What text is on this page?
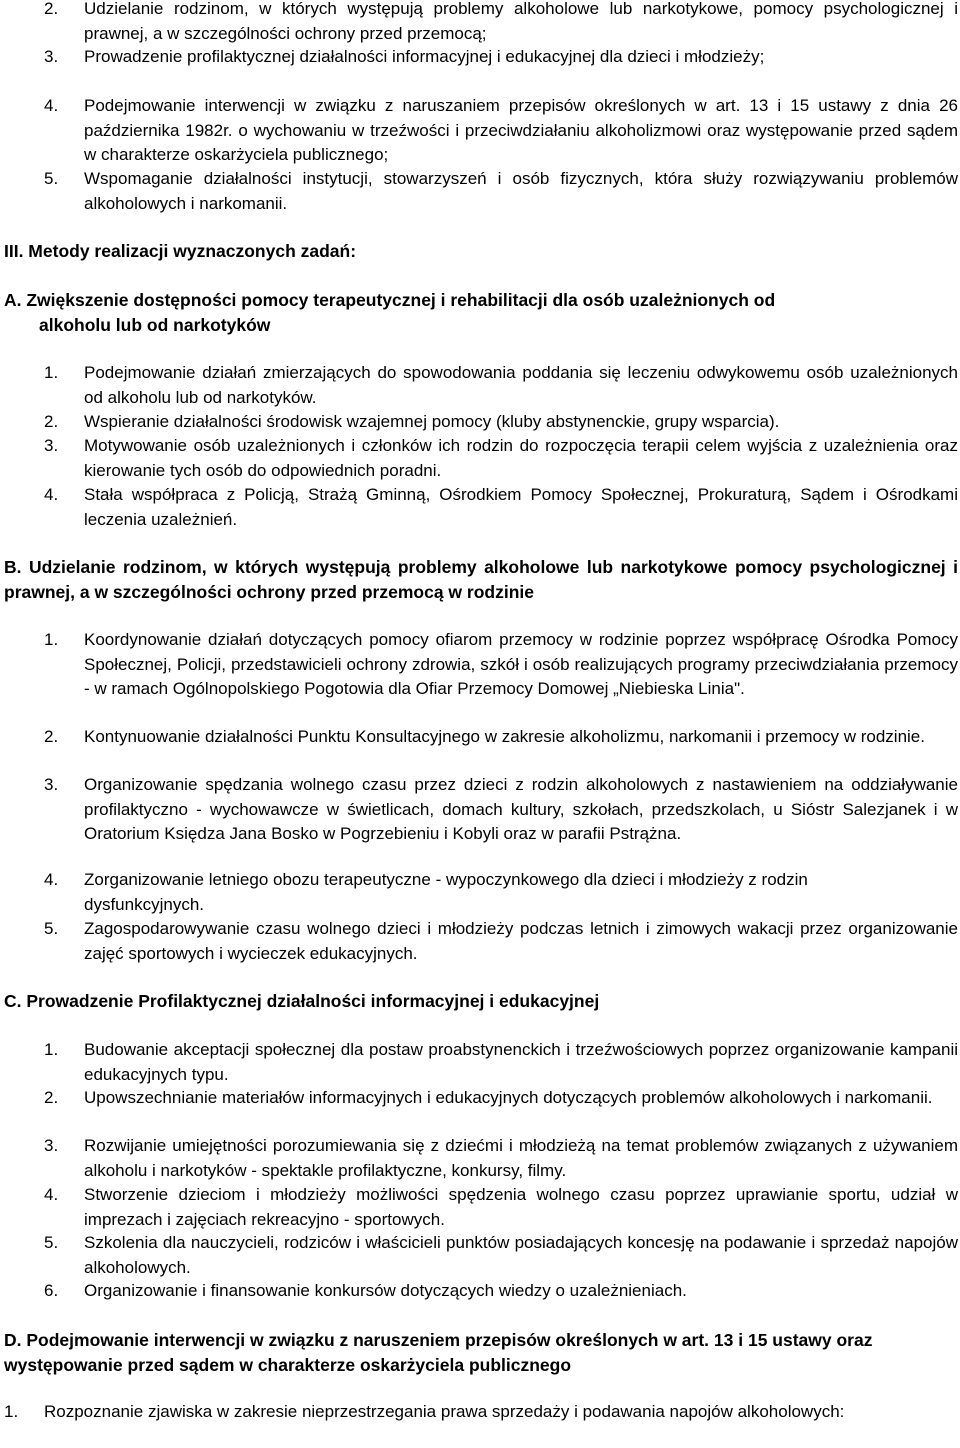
2. Udzielanie rodzinom, w których występują problemy alkoholowe lub narkotykowe, pomocy psychologicznej i prawnej, a w szczególności ochrony przed przemocą;
3. Prowadzenie profilaktycznej działalności informacyjnej i edukacyjnej dla dzieci i młodzieży;
4. Podejmowanie interwencji w związku z naruszaniem przepisów określonych w art. 13 i 15 ustawy z dnia 26 października 1982r. o wychowaniu w trzeźwości i przeciwdziałaniu alkoholizmowi oraz występowanie przed sądem w charakterze oskarżyciela publicznego;
5. Wspomaganie działalności instytucji, stowarzyszeń i osób fizycznych, która służy rozwiązywaniu problemów alkoholowych i narkomanii.
III. Metody realizacji wyznaczonych zadań:
A. Zwiększenie dostępności pomocy terapeutycznej i rehabilitacji dla osób uzależnionych od
alkoholu lub od narkotyków
1. Podejmowanie działań zmierzających do spowodowania poddania się leczeniu odwykowemu osób uzależnionych od alkoholu lub od narkotyków.
2. Wspieranie działalności środowisk wzajemnej pomocy (kluby abstynenckie, grupy wsparcia).
3. Motywowanie osób uzależnionych i członków ich rodzin do rozpoczęcia terapii celem wyjścia z uzależnienia oraz kierowanie tych osób do odpowiednich poradni.
4. Stała współpraca z Policją, Strażą Gminną, Ośrodkiem Pomocy Społecznej, Prokuraturą, Sądem i Ośrodkami leczenia uzależnień.
B. Udzielanie rodzinom, w których występują problemy alkoholowe lub narkotykowe pomocy psychologicznej i prawnej, a w szczególności ochrony przed przemocą w rodzinie
1. Koordynowanie działań dotyczących pomocy ofiarom przemocy w rodzinie poprzez współpracę Ośrodka Pomocy Społecznej, Policji, przedstawicieli ochrony zdrowia, szkół i osób realizujących programy przeciwdziałania przemocy - w ramach Ogólnopolskiego Pogotowia dla Ofiar Przemocy Domowej „Niebieska Linia".
2. Kontynuowanie działalności Punktu Konsultacyjnego w zakresie alkoholizmu, narkomanii i przemocy w rodzinie.
3. Organizowanie spędzania wolnego czasu przez dzieci z rodzin alkoholowych z nastawieniem na oddziaływanie profilaktyczno - wychowawcze w świetlicach, domach kultury, szkołach, przedszkolach, u Sióstr Salezjanek i w Oratorium Księdza Jana Bosko w Pogrzebieniu i Kobyli oraz w parafii Pstrążna.
4. Zorganizowanie letniego obozu terapeutyczne - wypoczynkowego dla dzieci i młodzieży z rodzin dysfunkcyjnych.
5. Zagospodarowywanie czasu wolnego dzieci i młodzieży podczas letnich i zimowych wakacji przez organizowanie zajęć sportowych i wycieczek edukacyjnych.
C. Prowadzenie Profilaktycznej działalności informacyjnej i edukacyjnej
1. Budowanie akceptacji społecznej dla postaw proabstynenckich i trzeźwościowych poprzez organizowanie kampanii edukacyjnych typu.
2. Upowszechnianie materiałów informacyjnych i edukacyjnych dotyczących problemów alkoholowych i narkomanii.
3. Rozwijanie umiejętności porozumiewania się z dziećmi i młodzieżą na temat problemów związanych z używaniem alkoholu i narkotyków - spektakle profilaktyczne, konkursy, filmy.
4. Stworzenie dzieciom i młodzieży możliwości spędzenia wolnego czasu poprzez uprawianie sportu, udział w imprezach i zajęciach rekreacyjno - sportowych.
5. Szkolenia dla nauczycieli, rodziców i właścicieli punktów posiadających koncesję na podawanie i sprzedaż napojów alkoholowych.
6. Organizowanie i finansowanie konkursów dotyczących wiedzy o uzależnieniach.
D. Podejmowanie interwencji w związku z naruszeniem przepisów określonych w art. 13 i 15 ustawy oraz występowanie przed sądem w charakterze oskarżyciela publicznego
1. Rozpoznanie zjawiska w zakresie nieprzestrzegania prawa sprzedaży i podawania napojów alkoholowych:
